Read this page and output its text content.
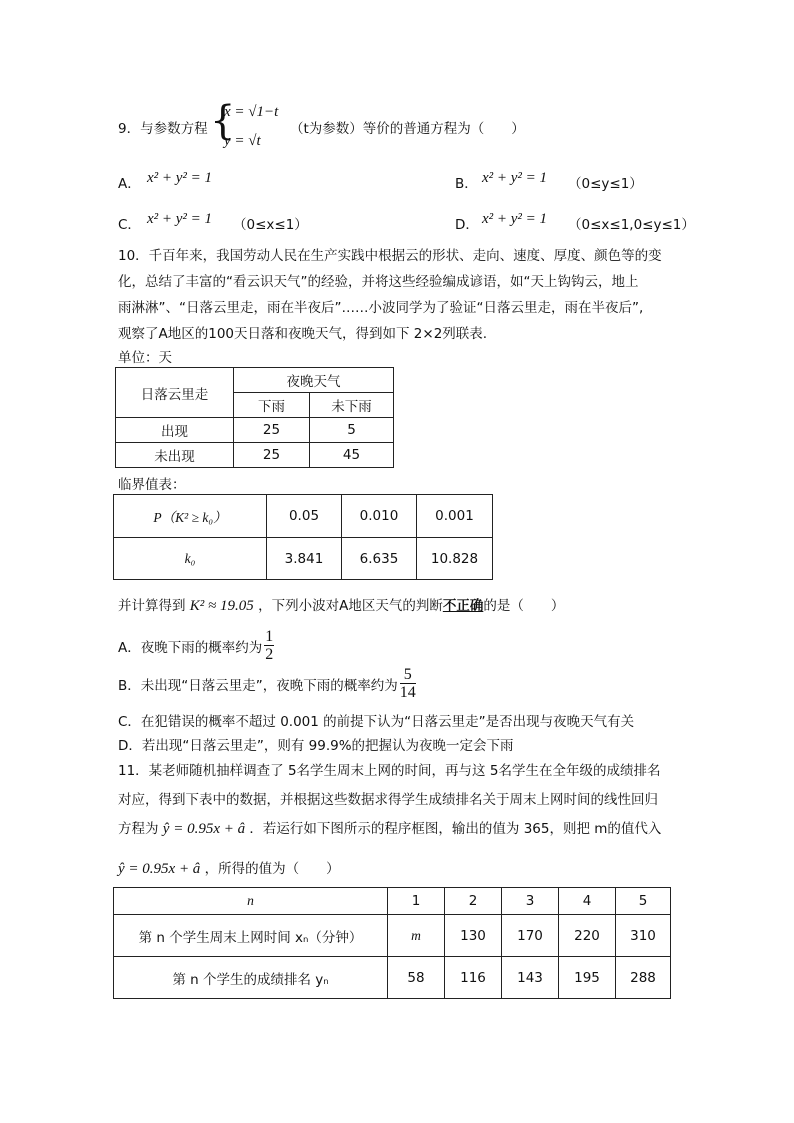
9．与参数方程 {
x = √1−t
y = √t
（t为参数）等价的普通方程为（　　）
A． x² + y² = 1	B． x² + y² = 1 （0≤y≤1）
C． x² + y² = 1 （0≤x≤1）	D． x² + y² = 1 （0≤x≤1,0≤y≤1）
10．千百年来，我国劳动人民在生产实践中根据云的形状、走向、速度、厚度、颜色等的变
化，总结了丰富的“看云识天气”的经验，并将这些经验编成谚语，如“天上钩钩云，地上
雨淋淋”、“日落云里走，雨在半夜后”……小波同学为了验证“日落云里走，雨在半夜后”,
观察了A地区的100天日落和夜晚天气，得到如下 2×2列联表.
单位：天
日落云里走	夜晚天气	
	下雨	未下雨
出现	25	5
未出现	25	45
临界值表：
P（K² ≥ k₀）	0.05	0.010	0.001
k₀	3.841	6.635	10.828
并计算得到 K² ≈ 19.05 ，下列小波对A地区天气的判断不正确的是（　　）
A．夜晚下雨的概率约为 $\frac{1}{2}$
B．未出现“日落云里走”，夜晚下雨的概率约为 $\frac{5}{14}$
C．在犯错误的概率不超过 0.001 的前提下认为“日落云里走”是否出现与夜晚天气有关
D．若出现“日落云里走”，则有 99.9%的把握认为夜晚一定会下雨
11．某老师随机抽样调查了 5名学生周末上网的时间，再与这 5名学生在全年级的成绩排名
对应，得到下表中的数据，并根据这些数据求得学生成绩排名关于周末上网时间的线性回归
方程为 ŷ = 0.95x + â ．若运行如下图所示的程序框图，输出的值为 365，则把 m的值代入
ŷ = 0.95x + â ，所得的值为（　　）
n	1	2	3	4	5
第 n 个学生周末上网时间 xₙ（分钟）	m	130	170	220	310
第 n 个学生的成绩排名 yₙ	58	116	143	195	288
